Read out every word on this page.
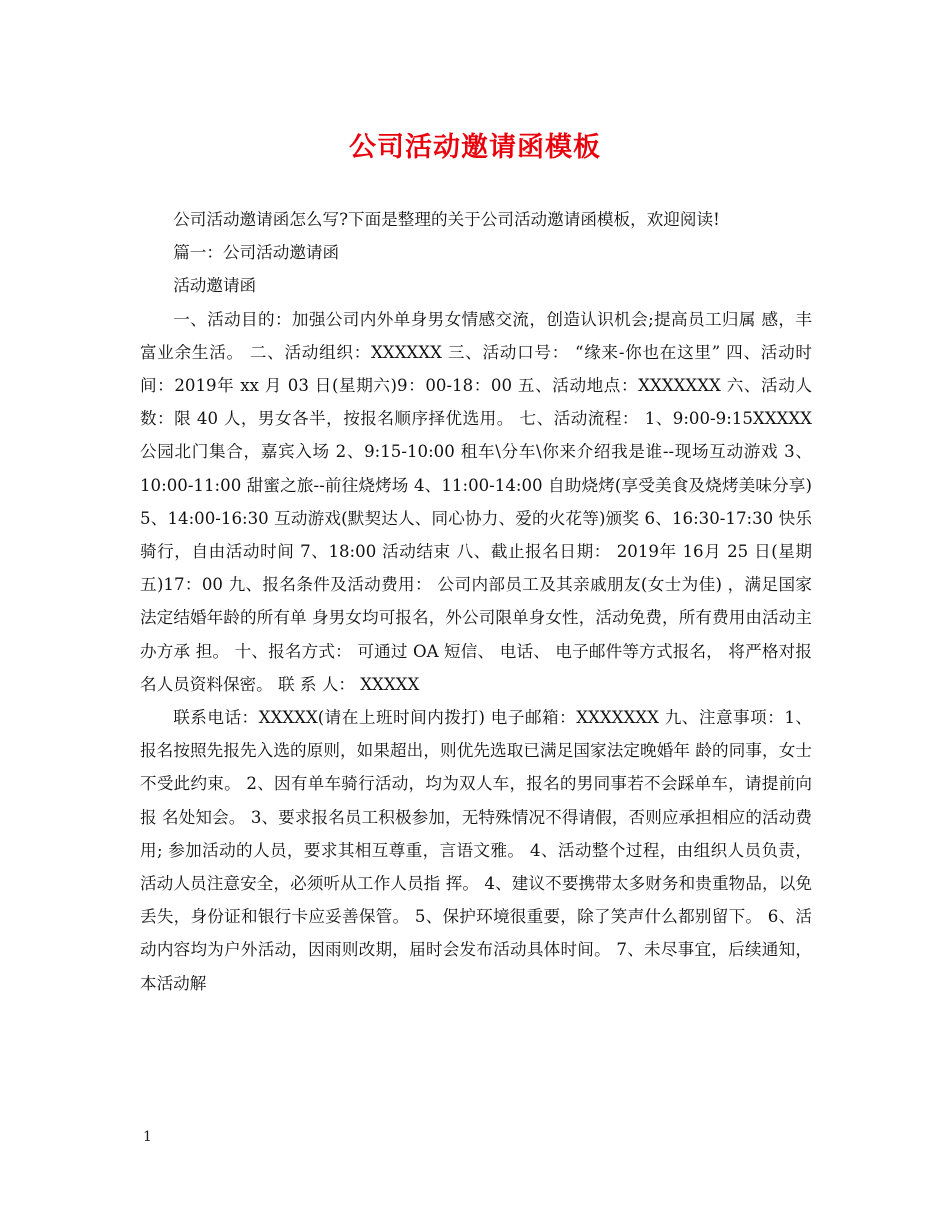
公司活动邀请函模板

公司活动邀请函怎么写?下面是整理的关于公司活动邀请函模板，欢迎阅读!

篇一：公司活动邀请函

活动邀请函

一、活动目的：加强公司内外单身男女情感交流，创造认识机会;提高员工归属 感，丰富业余生活。 二、活动组织：XXXXXX 三、活动口号： “缘来-你也在这里” 四、活动时间：2019年 xx 月 03 日(星期六)9：00-18：00 五、活动地点：XXXXXXX 六、活动人数：限 40 人，男女各半，按报名顺序择优选用。 七、活动流程： 1、9:00-9:15XXXXX 公园北门集合，嘉宾入场 2、9:15-10:00 租车\分车\你来介绍我是谁--现场互动游戏 3、10:00-11:00 甜蜜之旅--前往烧烤场 4、11:00-14:00 自助烧烤(享受美食及烧烤美味分享) 5、14:00-16:30 互动游戏(默契达人、同心协力、爱的火花等)颁奖 6、16:30-17:30 快乐骑行，自由活动时间 7、18:00 活动结束 八、截止报名日期： 2019年 16月 25 日(星期五)17：00 九、报名条件及活动费用： 公司内部员工及其亲戚朋友(女士为佳) ，满足国家法定结婚年龄的所有单 身男女均可报名，外公司限单身女性，活动免费，所有费用由活动主办方承 担。 十、报名方式： 可通过 OA 短信、 电话、 电子邮件等方式报名， 将严格对报名人员资料保密。 联 系 人： XXXXX

联系电话：XXXXX(请在上班时间内拨打) 电子邮箱：XXXXXXX 九、注意事项：1、报名按照先报先入选的原则，如果超出，则优先选取已满足国家法定晚婚年 龄的同事，女士不受此约束。 2、因有单车骑行活动，均为双人车，报名的男同事若不会踩单车，请提前向报 名处知会。 3、要求报名员工积极参加，无特殊情况不得请假，否则应承担相应的活动费用; 参加活动的人员，要求其相互尊重，言语文雅。 4、活动整个过程，由组织人员负责，活动人员注意安全，必须听从工作人员指 挥。 4、建议不要携带太多财务和贵重物品，以免丢失，身份证和银行卡应妥善保管。 5、保护环境很重要，除了笑声什么都别留下。 6、活动内容均为户外活动，因雨则改期，届时会发布活动具体时间。 7、未尽事宜，后续通知，本活动解

1
